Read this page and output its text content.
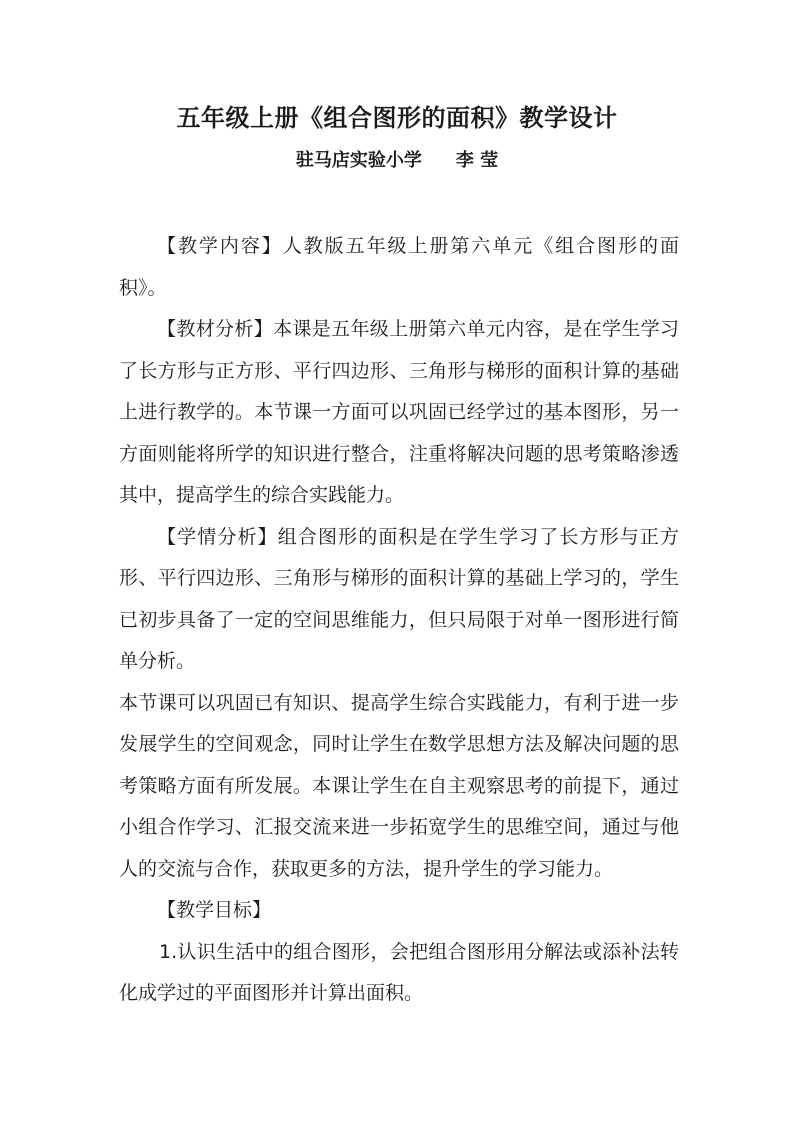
五年级上册《组合图形的面积》教学设计
驻马店实验小学 李 莹

【教学内容】人教版五年级上册第六单元《组合图形的面积》。

【教材分析】本课是五年级上册第六单元内容，是在学生学习了长方形与正方形、平行四边形、三角形与梯形的面积计算的基础上进行教学的。本节课一方面可以巩固已经学过的基本图形，另一方面则能将所学的知识进行整合，注重将解决问题的思考策略渗透其中，提高学生的综合实践能力。

【学情分析】组合图形的面积是在学生学习了长方形与正方形、平行四边形、三角形与梯形的面积计算的基础上学习的，学生已初步具备了一定的空间思维能力，但只局限于对单一图形进行简单分析。

本节课可以巩固已有知识、提高学生综合实践能力，有利于进一步发展学生的空间观念，同时让学生在数学思想方法及解决问题的思考策略方面有所发展。本课让学生在自主观察思考的前提下，通过小组合作学习、汇报交流来进一步拓宽学生的思维空间，通过与他人的交流与合作，获取更多的方法，提升学生的学习能力。

【教学目标】

1.认识生活中的组合图形，会把组合图形用分解法或添补法转化成学过的平面图形并计算出面积。
